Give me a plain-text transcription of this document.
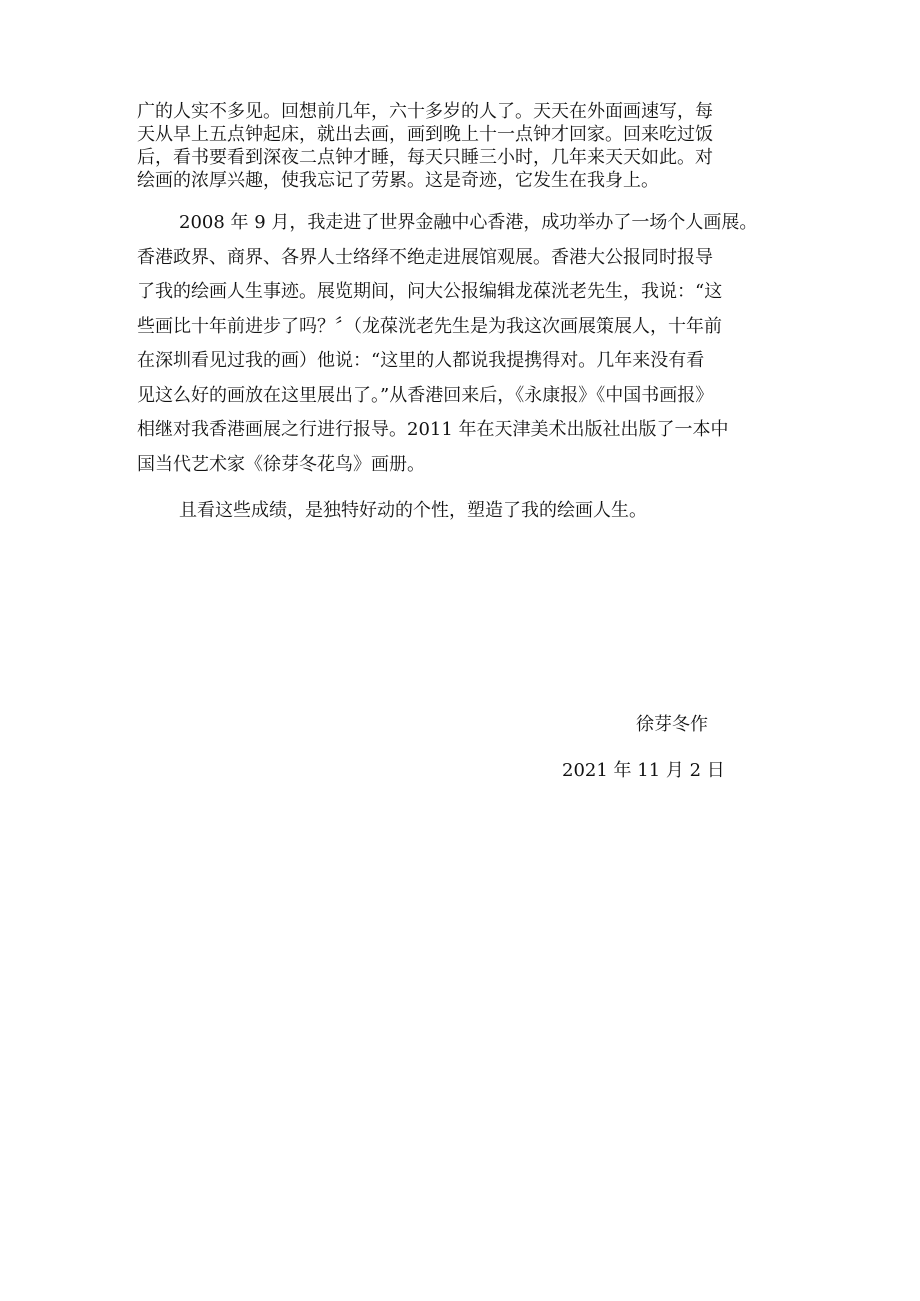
广的人实不多见。回想前几年，六十多岁的人了。天天在外面画速写，每
天从早上五点钟起床，就出去画，画到晚上十一点钟才回家。回来吃过饭
后，看书要看到深夜二点钟才睡，每天只睡三小时，几年来天天如此。对
绘画的浓厚兴趣，使我忘记了劳累。这是奇迹，它发生在我身上。

2008 年 9 月，我走进了世界金融中心香港，成功举办了一场个人画展。
香港政界、商界、各界人士络绎不绝走进展馆观展。香港大公报同时报导
了我的绘画人生事迹。展览期间，问大公报编辑龙葆洸老先生，我说：“这
些画比十年前进步了吗？〞（龙葆洸老先生是为我这次画展策展人，十年前
在深圳看见过我的画）他说：“这里的人都说我提携得对。几年来没有看
见这么好的画放在这里展出了。”从香港回来后，《永康报》《中国书画报》
相继对我香港画展之行进行报导。2011 年在天津美术出版社出版了一本中
国当代艺术家《徐芽冬花鸟》画册。

且看这些成绩，是独特好动的个性，塑造了我的绘画人生。

徐芽冬作
2021 年 11 月 2 日
